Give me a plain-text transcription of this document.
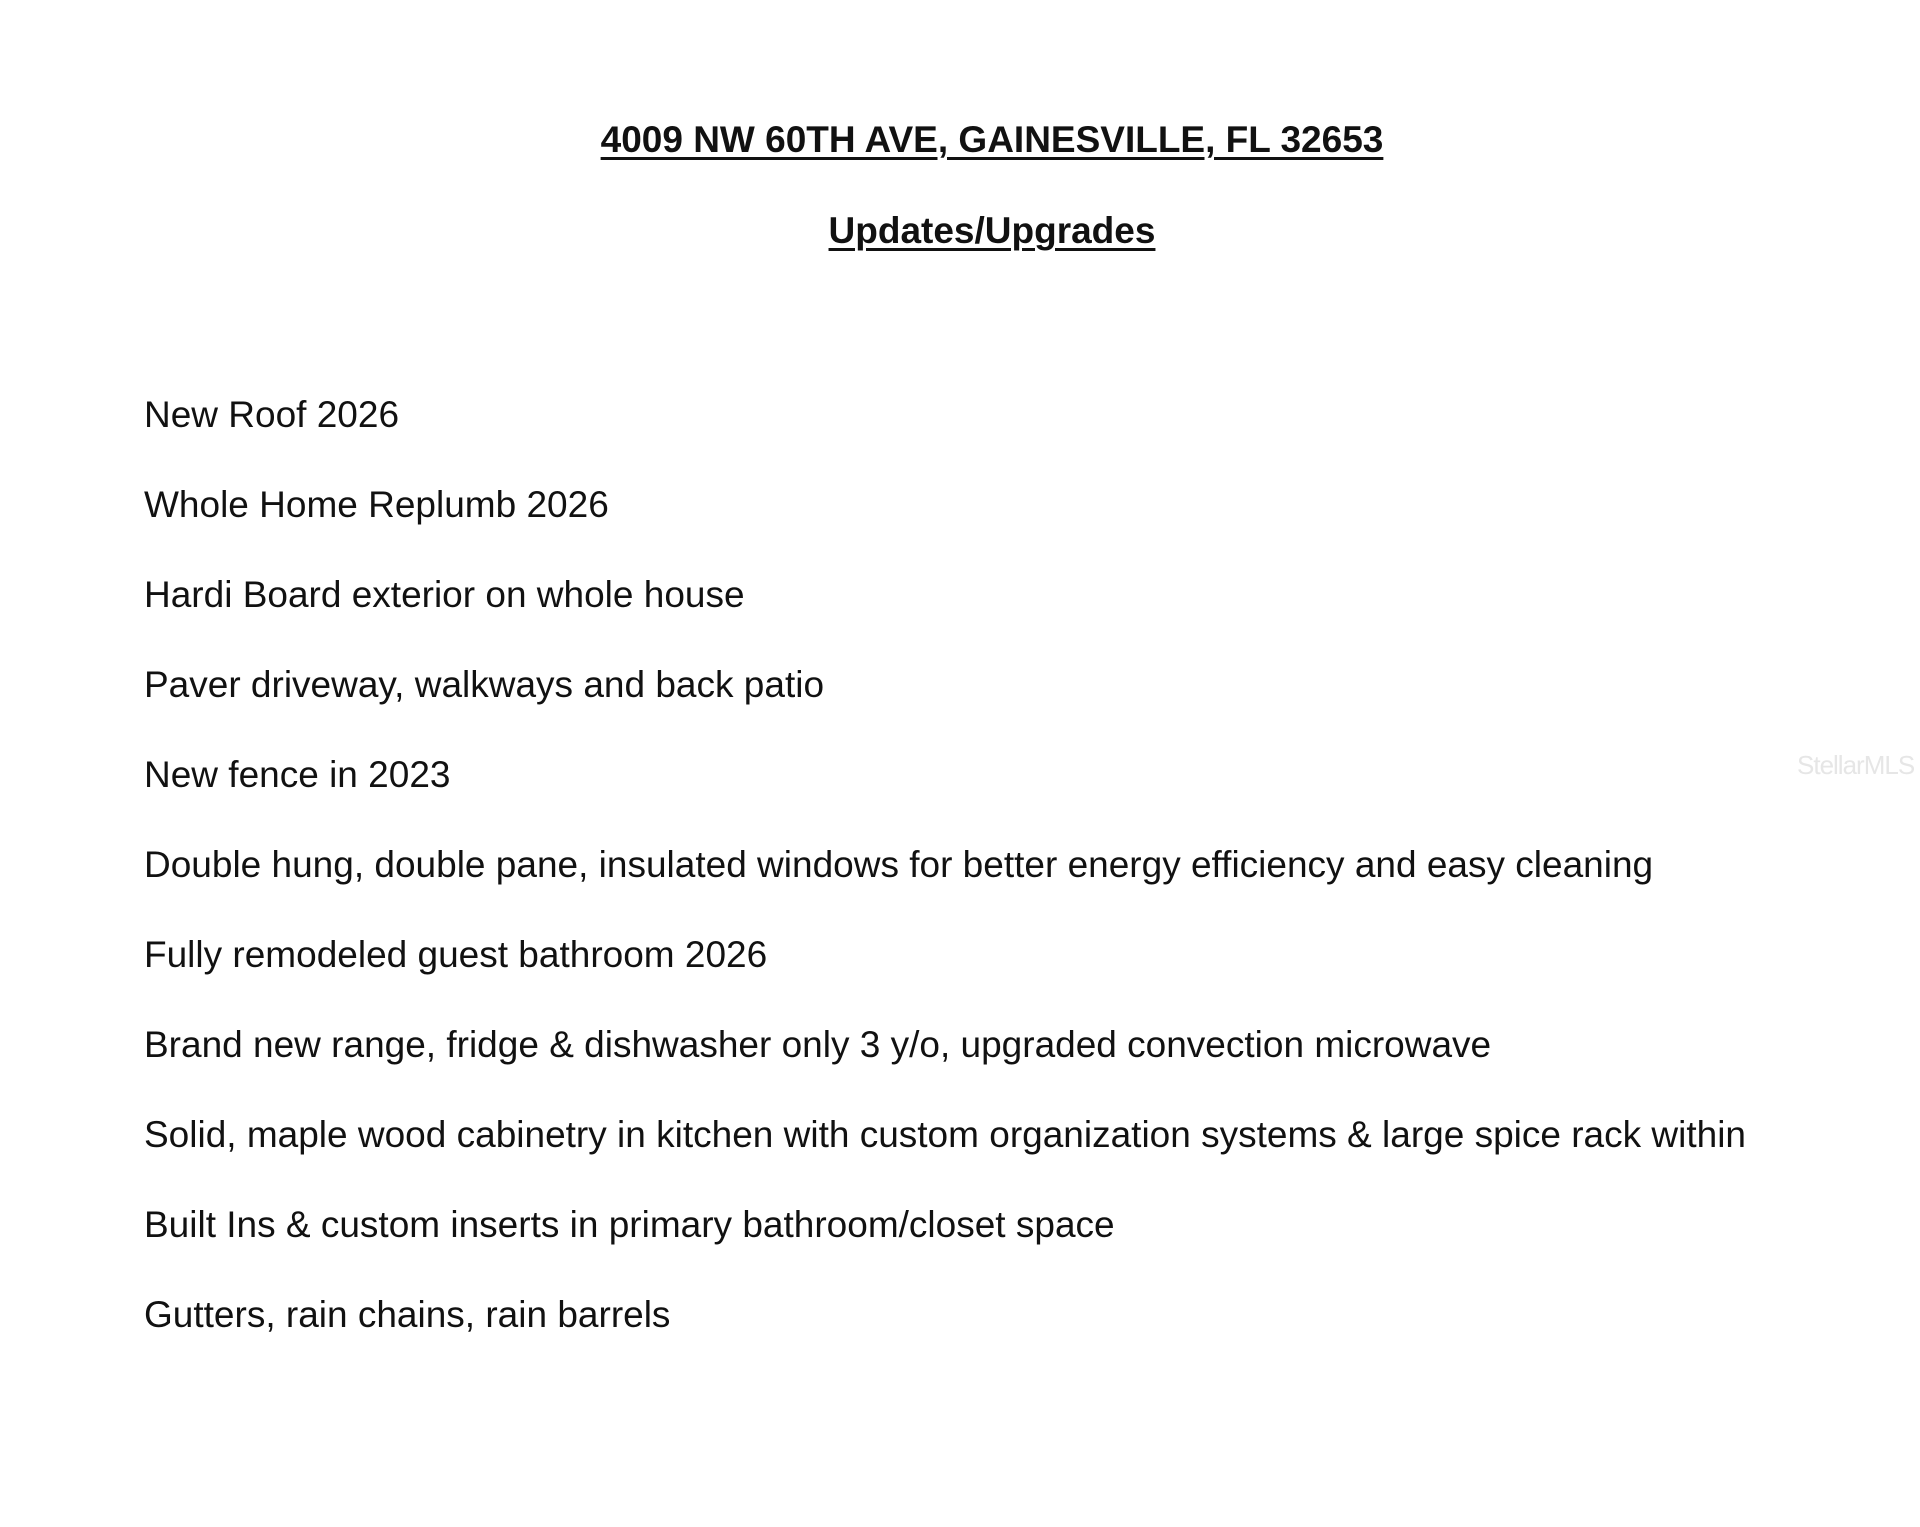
4009 NW 60TH AVE, GAINESVILLE, FL 32653
Updates/Upgrades
New Roof 2026
Whole Home Replumb 2026
Hardi Board exterior on whole house
Paver driveway, walkways and back patio
New fence in 2023
Double hung, double pane, insulated windows for better energy efficiency and easy cleaning
Fully remodeled guest bathroom 2026
Brand new range, fridge & dishwasher only 3 y/o, upgraded convection microwave
Solid, maple wood cabinetry in kitchen with custom organization systems & large spice rack within
Built Ins & custom inserts in primary bathroom/closet space
Gutters, rain chains, rain barrels
StellarMLS
